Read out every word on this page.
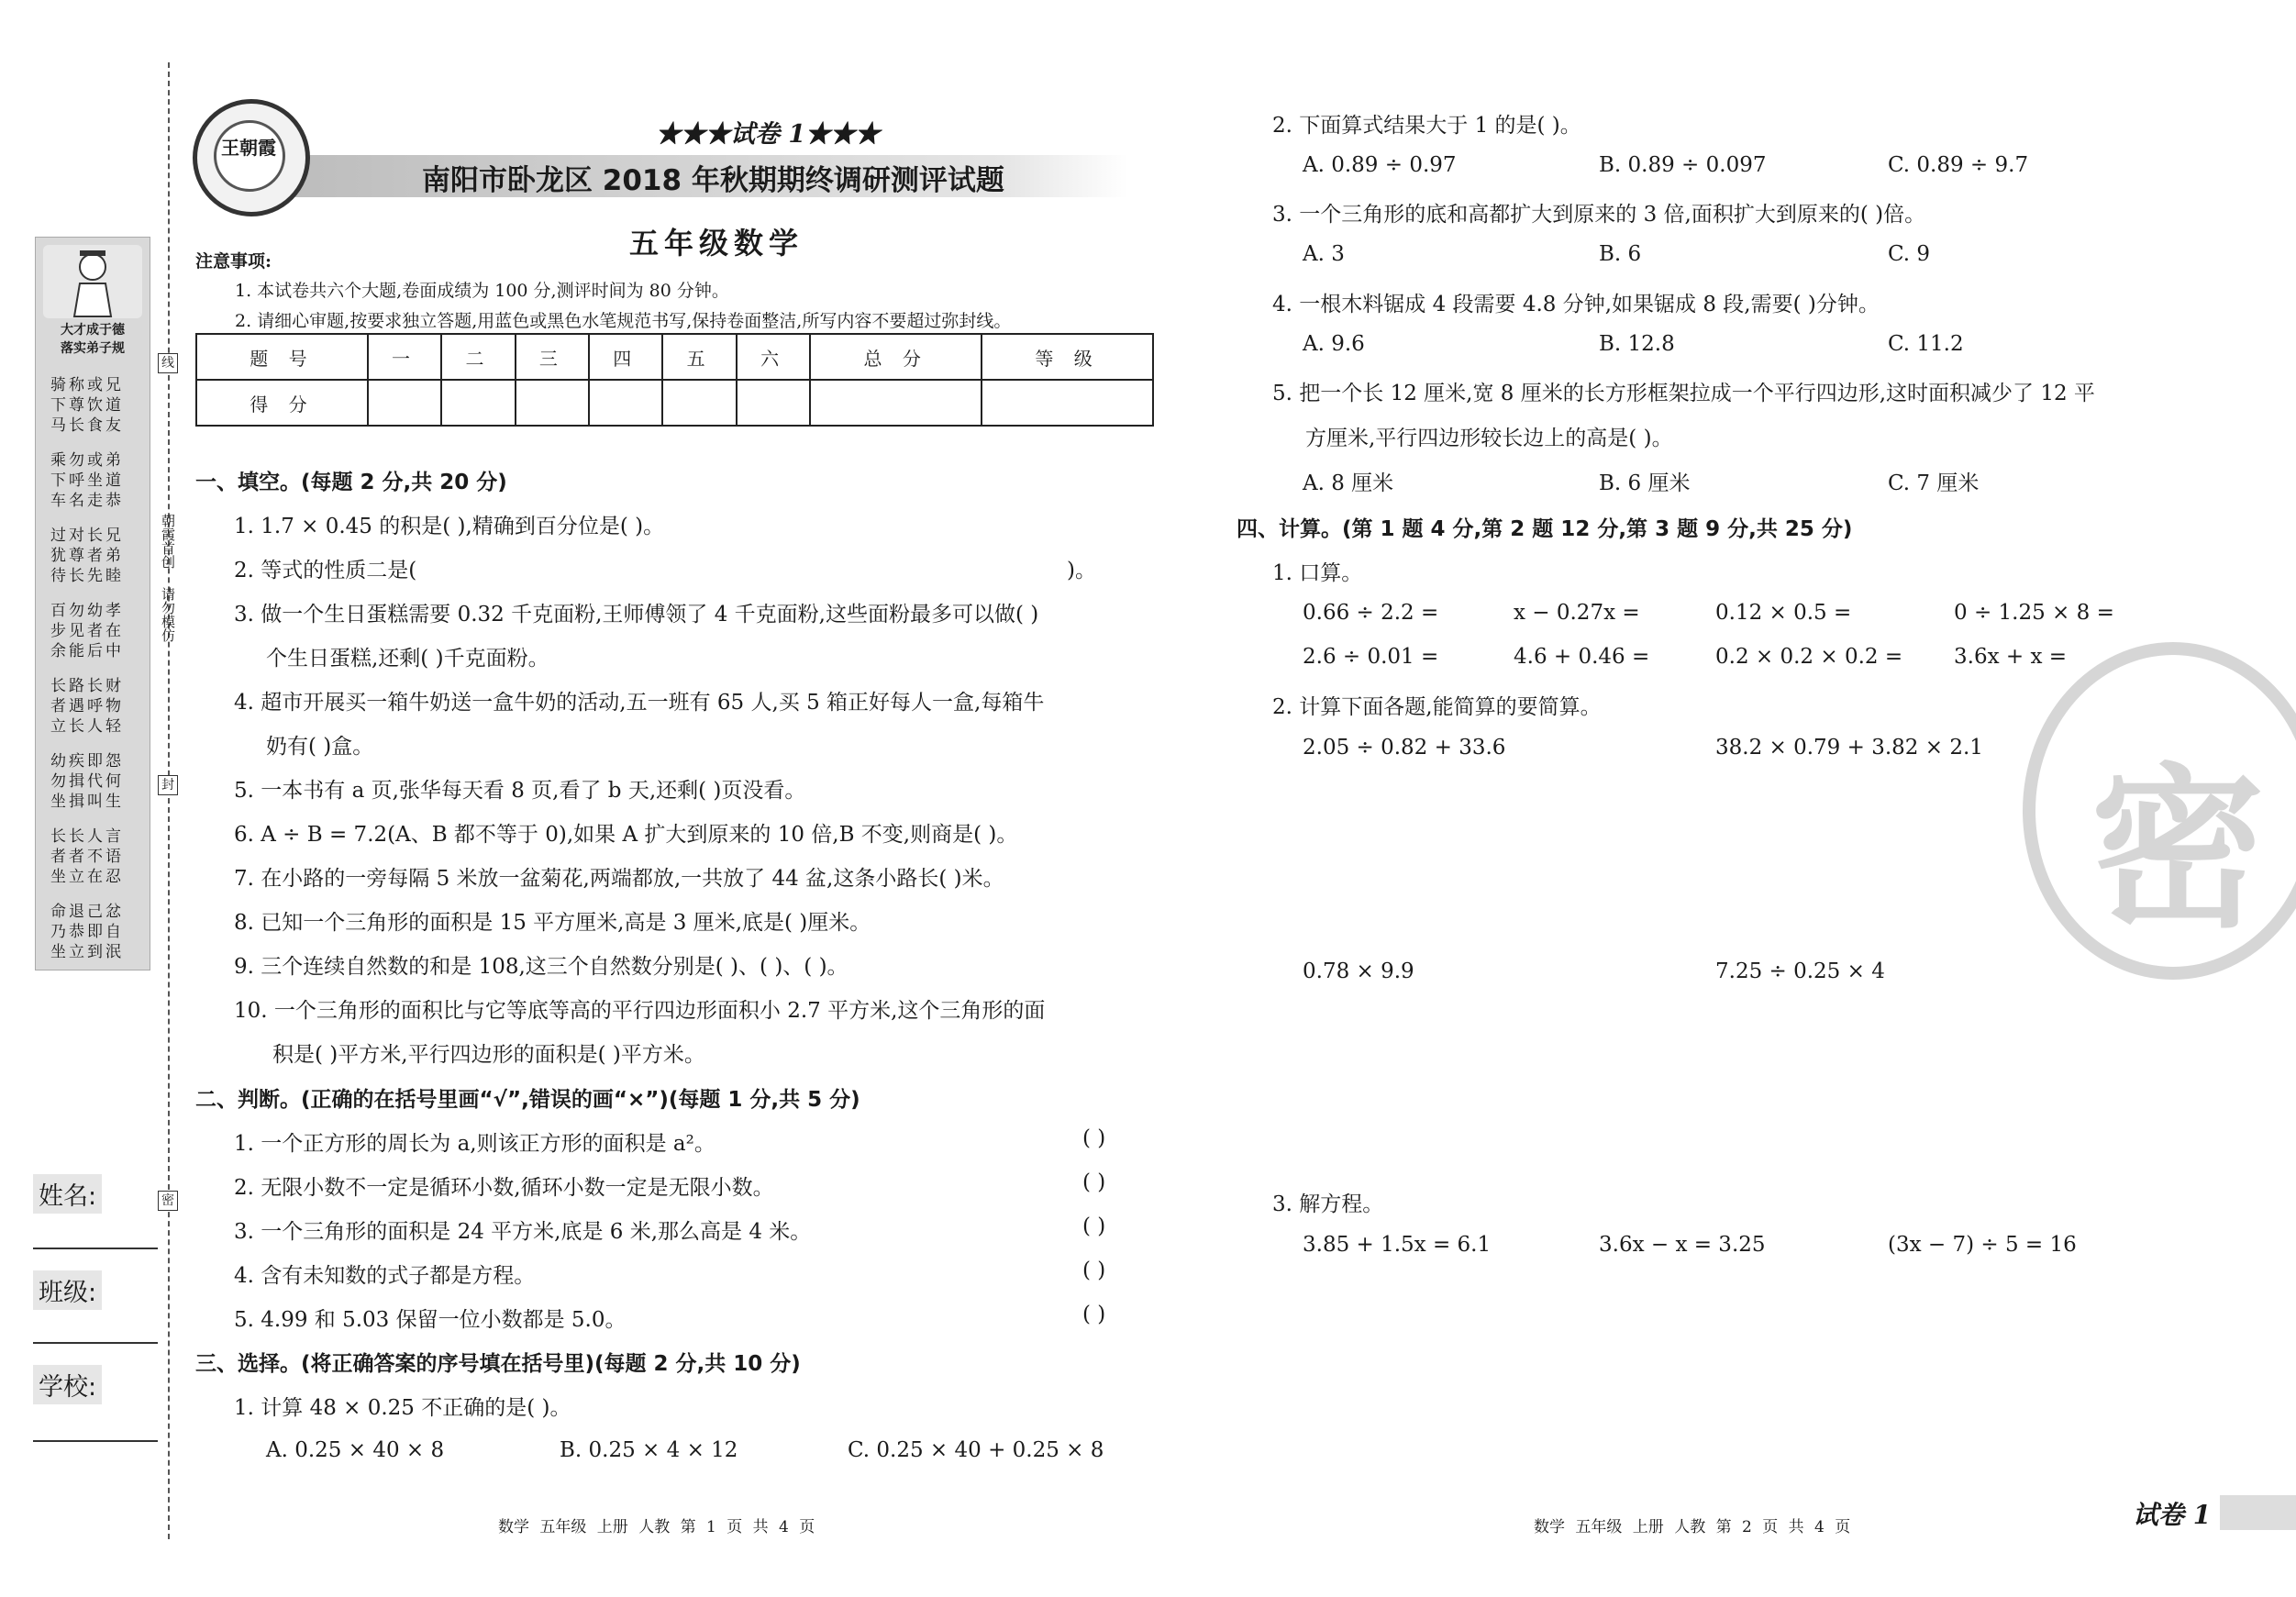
线
朝霞首创
请勿模仿
封
密
大才成于德
落实弟子规
骑称或兄
下尊饮道
马长食友
乘勿或弟
下呼坐道
车名走恭
过对长兄
犹尊者弟
待长先睦
百勿幼孝
步见者在
余能后中
长路长财
者遇呼物
立长人轻
幼疾即怨
勿揖代何
坐揖叫生
长长人言
者者不语
坐立在忍
命退己忿
乃恭即自
坐立到泯
姓名:
班级:
学校:
王朝霞	★★★试卷 1★★★
南阳市卧龙区 2018 年秋期期终调研测评试题
五年级数学
注意事项:
1. 本试卷共六个大题,卷面成绩为 100 分,测评时间为 80 分钟。
2. 请细心审题,按要求独立答题,用蓝色或黑色水笔规范书写,保持卷面整洁,所写内容不要超过弥封线。
题 号	一	二	三	四	五	六	总 分	等 级
得 分								
一、填空。(每题 2 分,共 20 分)
1. 1.7 × 0.45 的积是( ),精确到百分位是( )。
2. 等式的性质二是(	)。
3. 做一个生日蛋糕需要 0.32 千克面粉,王师傅领了 4 千克面粉,这些面粉最多可以做( )
个生日蛋糕,还剩( )千克面粉。
4. 超市开展买一箱牛奶送一盒牛奶的活动,五一班有 65 人,买 5 箱正好每人一盒,每箱牛
奶有( )盒。
5. 一本书有 a 页,张华每天看 8 页,看了 b 天,还剩( )页没看。
6. A ÷ B = 7.2(A、B 都不等于 0),如果 A 扩大到原来的 10 倍,B 不变,则商是( )。
7. 在小路的一旁每隔 5 米放一盆菊花,两端都放,一共放了 44 盆,这条小路长( )米。
8. 已知一个三角形的面积是 15 平方厘米,高是 3 厘米,底是( )厘米。
9. 三个连续自然数的和是 108,这三个自然数分别是( )、( )、( )。
10. 一个三角形的面积比与它等底等高的平行四边形面积小 2.7 平方米,这个三角形的面
积是( )平方米,平行四边形的面积是( )平方米。
二、判断。(正确的在括号里画“√”,错误的画“×”)(每题 1 分,共 5 分)
1. 一个正方形的周长为 a,则该正方形的面积是 a²。	( )
2. 无限小数不一定是循环小数,循环小数一定是无限小数。	( )
3. 一个三角形的面积是 24 平方米,底是 6 米,那么高是 4 米。	( )
4. 含有未知数的式子都是方程。	( )
5. 4.99 和 5.03 保留一位小数都是 5.0。	( )
三、选择。(将正确答案的序号填在括号里)(每题 2 分,共 10 分)
1. 计算 48 × 0.25 不正确的是( )。
A. 0.25 × 40 × 8	B. 0.25 × 4 × 12	C. 0.25 × 40 + 0.25 × 8
数学 五年级 上册 人教 第 1 页 共 4 页
密
2. 下面算式结果大于 1 的是( )。
A. 0.89 ÷ 0.97	B. 0.89 ÷ 0.097	C. 0.89 ÷ 9.7
3. 一个三角形的底和高都扩大到原来的 3 倍,面积扩大到原来的( )倍。
A. 3	B. 6	C. 9
4. 一根木料锯成 4 段需要 4.8 分钟,如果锯成 8 段,需要( )分钟。
A. 9.6	B. 12.8	C. 11.2
5. 把一个长 12 厘米,宽 8 厘米的长方形框架拉成一个平行四边形,这时面积减少了 12 平
方厘米,平行四边形较长边上的高是( )。
A. 8 厘米	B. 6 厘米	C. 7 厘米
四、计算。(第 1 题 4 分,第 2 题 12 分,第 3 题 9 分,共 25 分)
1. 口算。
0.66 ÷ 2.2 =	x − 0.27x =	0.12 × 0.5 =	0 ÷ 1.25 × 8 =
2.6 ÷ 0.01 =	4.6 + 0.46 =	0.2 × 0.2 × 0.2 = 3.6x + x =
2. 计算下面各题,能简算的要简算。
2.05 ÷ 0.82 + 33.6	38.2 × 0.79 + 3.82 × 2.1
0.78 × 9.9	7.25 ÷ 0.25 × 4
3. 解方程。
3.85 + 1.5x = 6.1	3.6x − x = 3.25	(3x − 7) ÷ 5 = 16
数学 五年级 上册 人教 第 2 页 共 4 页	试卷 1
